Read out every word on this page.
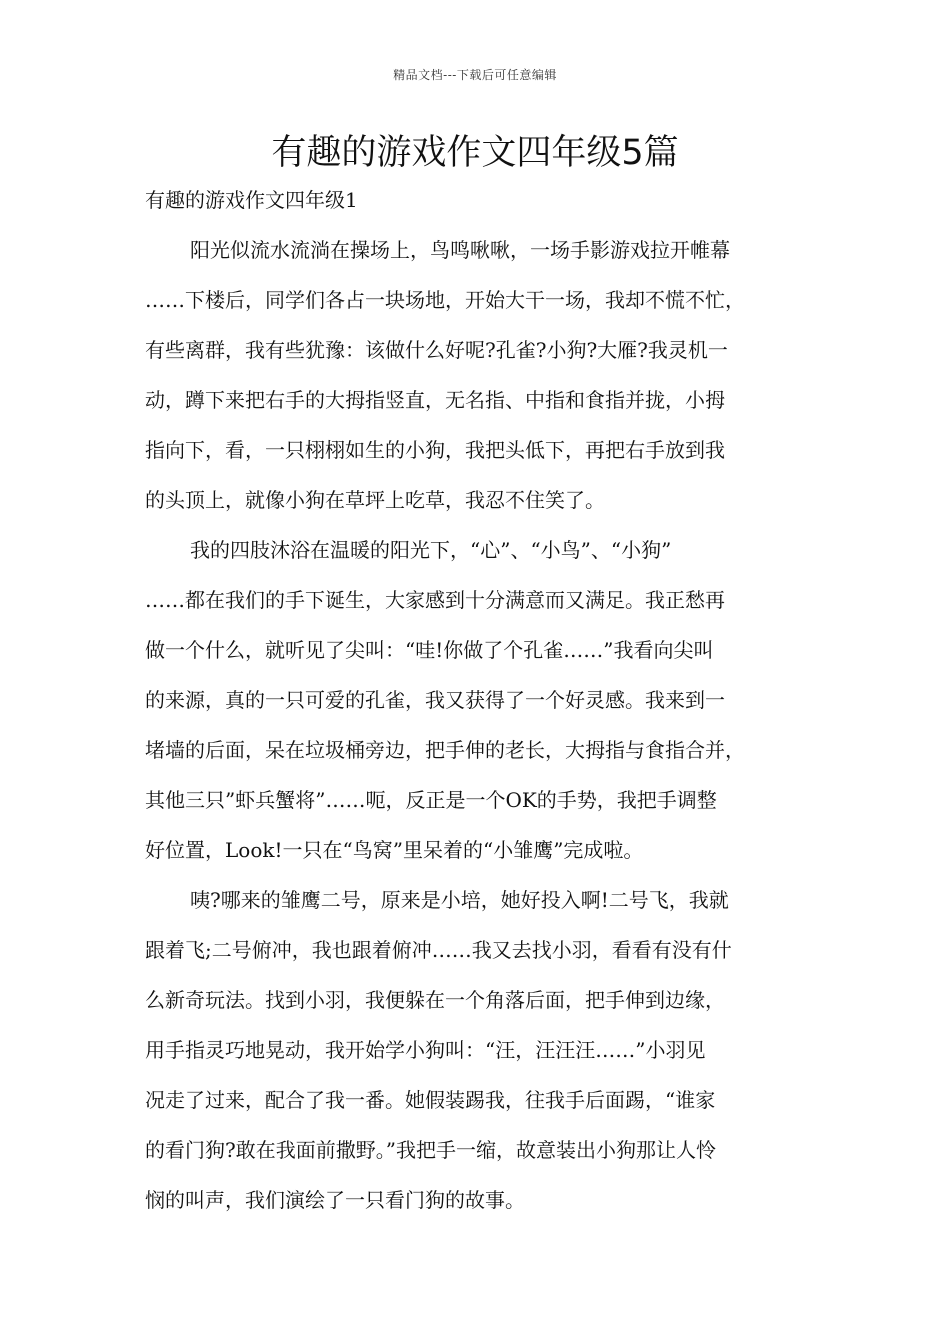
精品文档---下载后可任意编辑
有趣的游戏作文四年级5篇
有趣的游戏作文四年级1
阳光似流水流淌在操场上，鸟鸣啾啾，一场手影游戏拉开帷幕
……下楼后，同学们各占一块场地，开始大干一场，我却不慌不忙，
有些离群，我有些犹豫：该做什么好呢?孔雀?小狗?大雁?我灵机一
动，蹲下来把右手的大拇指竖直，无名指、中指和食指并拢，小拇
指向下，看，一只栩栩如生的小狗，我把头低下，再把右手放到我
的头顶上，就像小狗在草坪上吃草，我忍不住笑了。
我的四肢沐浴在温暖的阳光下，“心”、“小鸟”、“小狗”
……都在我们的手下诞生，大家感到十分满意而又满足。我正愁再
做一个什么，就听见了尖叫：“哇!你做了个孔雀……”我看向尖叫
的来源，真的一只可爱的孔雀，我又获得了一个好灵感。我来到一
堵墙的后面，呆在垃圾桶旁边，把手伸的老长，大拇指与食指合并，
其他三只”虾兵蟹将”……呃，反正是一个OK的手势，我把手调整
好位置，Look!一只在“鸟窝”里呆着的“小雏鹰”完成啦。
咦?哪来的雏鹰二号，原来是小培，她好投入啊!二号飞，我就
跟着飞;二号俯冲，我也跟着俯冲……我又去找小羽，看看有没有什
么新奇玩法。找到小羽，我便躲在一个角落后面，把手伸到边缘，
用手指灵巧地晃动，我开始学小狗叫：“汪，汪汪汪……”小羽见
况走了过来，配合了我一番。她假装踢我，往我手后面踢，“谁家
的看门狗?敢在我面前撒野。”我把手一缩，故意装出小狗那让人怜
悯的叫声，我们演绘了一只看门狗的故事。
